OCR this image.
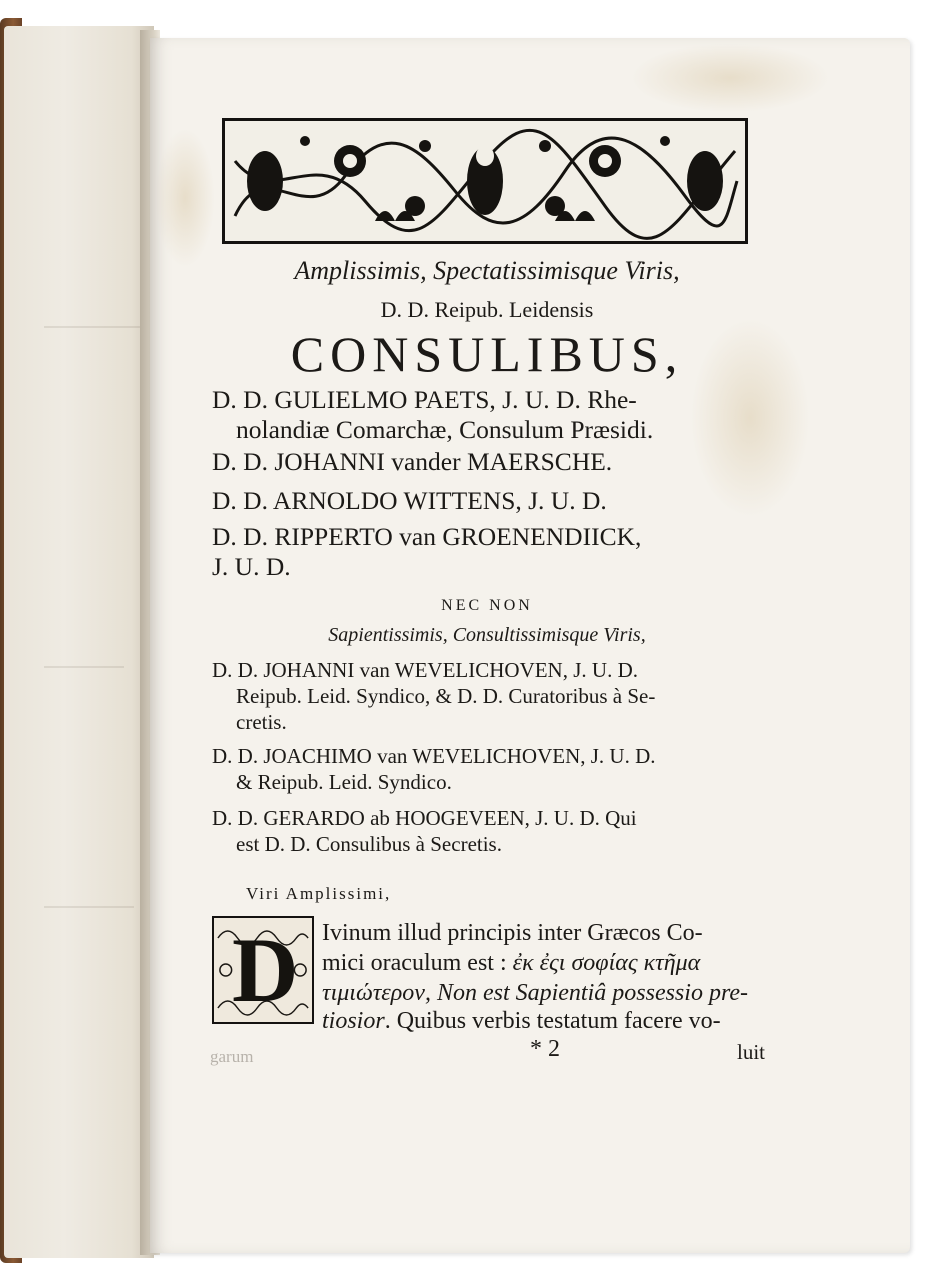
Amplissimis, Spectatissimisque Viris,
D. D. Reipub. Leidensis
CONSULIBUS,
D. D. GULIELMO PAETS, J. U. D. Rhe-
nolandiæ Comarchæ, Consulum Præsidi.
D. D. JOHANNI vander MAERSCHE.
D. D. ARNOLDO WITTENS, J. U. D.
D. D. RIPPERTO van GROENENDIICK,
J. U. D.
NEC NON
Sapientissimis, Consultissimisque Viris,
D. D. JOHANNI van WEVELICHOVEN, J. U. D.
Reipub. Leid. Syndico, & D. D. Curatoribus à Se-
cretis.
D. D. JOACHIMO van WEVELICHOVEN, J. U. D.
& Reipub. Leid. Syndico.
D. D. GERARDO ab HOOGEVEEN, J. U. D. Qui
est D. D. Consulibus à Secretis.
Viri Amplissimi,
D Ivinum illud principis inter Græcos Co-
mici oraculum est : ἐκ ἐςι σοφίας κτῆμα
τιμιώτερον, Non est Sapientiâ possessio pre-
tiosior. Quibus verbis testatum facere vo-
garum	* 2	luit
